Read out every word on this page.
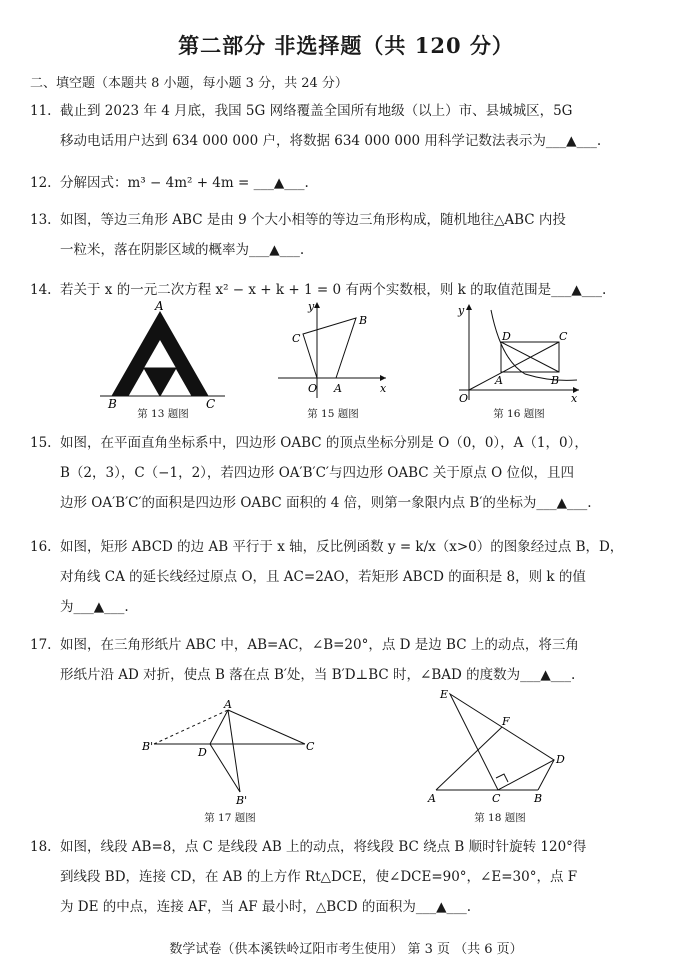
第二部分 非选择题（共 120 分）
二、填空题（本题共 8 小题，每小题 3 分，共 24 分）
11. 截止到 2023 年 4 月底，我国 5G 网络覆盖全国所有地级（以上）市、县城城区，5G
移动电话用户达到 634 000 000 户，将数据 634 000 000 用科学记数法表示为___▲___.
12. 分解因式：m³ − 4m² + 4m = ___▲___.
13. 如图，等边三角形 ABC 是由 9 个大小相等的等边三角形构成，随机地往△ABC 内投
一粒米，落在阴影区域的概率为___▲___.
14. 若关于 x 的一元二次方程 x² − x + k + 1 = 0 有两个实数根，则 k 的取值范围是___▲___.
A
B	C
第 13 题图
y
B
C
O A	x
第 15 题图
y
D	C
A	B
O	x
第 16 题图
15. 如图，在平面直角坐标系中，四边形 OABC 的顶点坐标分别是 O（0，0），A（1，0），
B（2，3），C（−1，2），若四边形 OA′B′C′与四边形 OABC 关于原点 O 位似，且四
边形 OA′B′C′的面积是四边形 OABC 面积的 4 倍，则第一象限内点 B′的坐标为___▲___.
16. 如图，矩形 ABCD 的边 AB 平行于 x 轴，反比例函数 y = k/x（x>0）的图象经过点 B，D，
对角线 CA 的延长线经过原点 O，且 AC=2AO，若矩形 ABCD 的面积是 8，则 k 的值
为___▲___.
17. 如图，在三角形纸片 ABC 中，AB=AC，∠B=20°，点 D 是边 BC 上的动点，将三角
形纸片沿 AD 对折，使点 B 落在点 B′处，当 B′D⊥BC 时，∠BAD 的度数为___▲___.
A
B'	D	C
B'
第 17 题图
E
F
D
A	C	B
第 18 题图
18. 如图，线段 AB=8，点 C 是线段 AB 上的动点，将线段 BC 绕点 B 顺时针旋转 120°得
到线段 BD，连接 CD，在 AB 的上方作 Rt△DCE，使∠DCE=90°，∠E=30°，点 F
为 DE 的中点，连接 AF，当 AF 最小时，△BCD 的面积为___▲___.
数学试卷（供本溪铁岭辽阳市考生使用） 第 3 页 （共 6 页）
